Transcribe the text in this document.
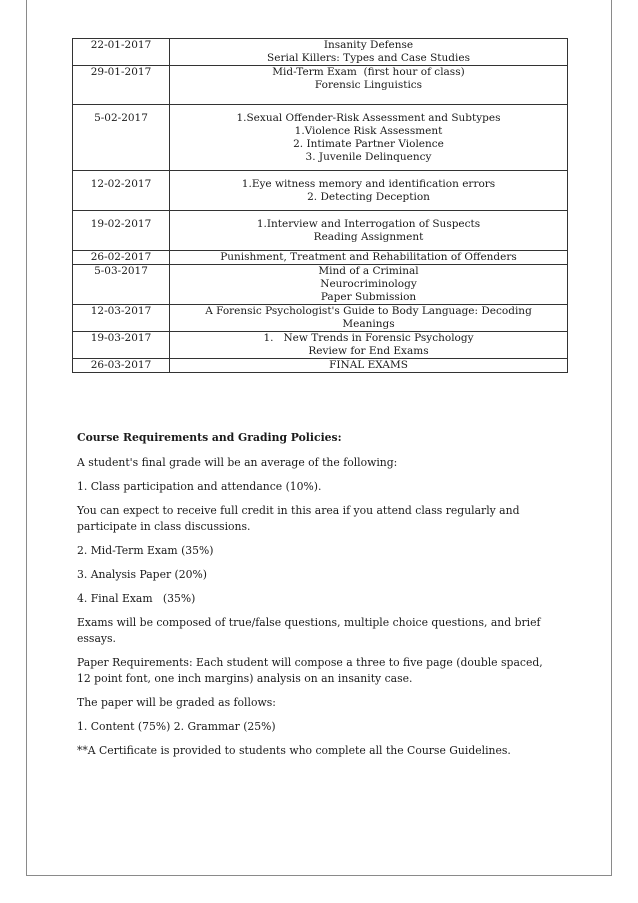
22-01-2017	Insanity Defense
Serial Killers: Types and Case Studies

29-01-2017	Mid-Term Exam  (first hour of class)
Forensic Linguistics

5-02-2017	1.Sexual Offender-Risk Assessment and Subtypes
1.Violence Risk Assessment
2. Intimate Partner Violence
3. Juvenile Delinquency

12-02-2017	1.Eye witness memory and identification errors
2. Detecting Deception

19-02-2017	1.Interview and Interrogation of Suspects
Reading Assignment

26-02-2017	Punishment, Treatment and Rehabilitation of Offenders

5-03-2017	Mind of a Criminal
Neurocriminology
Paper Submission

12-03-2017	A Forensic Psychologist's Guide to Body Language: Decoding
Meanings

19-03-2017	1.   New Trends in Forensic Psychology
Review for End Exams

26-03-2017	FINAL EXAMS

Course Requirements and Grading Policies:

A student's final grade will be an average of the following:

1. Class participation and attendance (10%).

You can expect to receive full credit in this area if you attend class regularly and participate in class discussions.

2. Mid-Term Exam (35%)

3. Analysis Paper (20%)

4. Final Exam   (35%)

Exams will be composed of true/false questions, multiple choice questions, and brief essays.

Paper Requirements: Each student will compose a three to five page (double spaced, 12 point font, one inch margins) analysis on an insanity case.

The paper will be graded as follows:

1. Content (75%) 2. Grammar (25%)

**A Certificate is provided to students who complete all the Course Guidelines.
